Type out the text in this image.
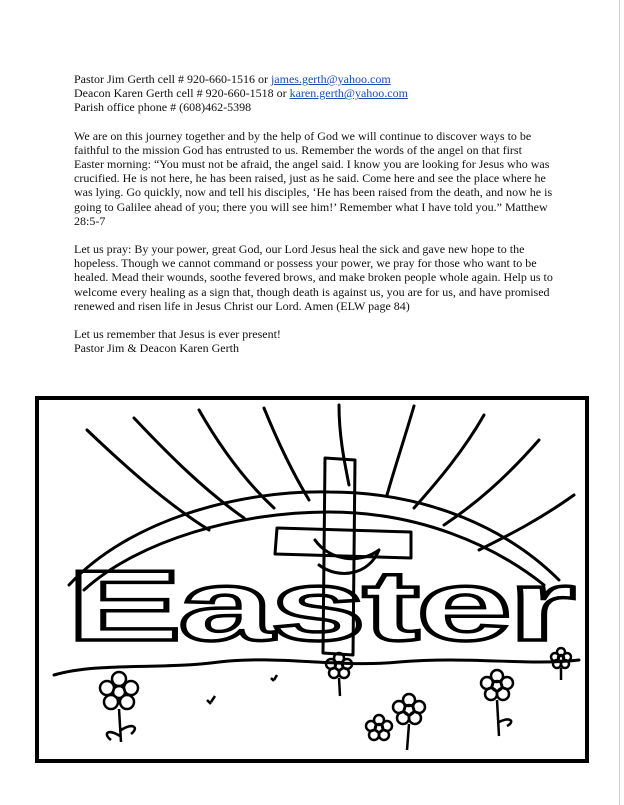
Pastor Jim Gerth cell # 920-660-1516 or james.gerth@yahoo.com

Deacon Karen Gerth cell # 920-660-1518 or karen.gerth@yahoo.com

Parish office phone # (608)462-5398

We are on this journey together and by the help of God we will continue to discover ways to be faithful to the mission God has entrusted to us. Remember the words of the angel on that first Easter morning: “You must not be afraid, the angel said. I know you are looking for Jesus who was crucified. He is not here, he has been raised, just as he said. Come here and see the place where he was lying. Go quickly, now and tell his disciples, ‘He has been raised from the death, and now he is going to Galilee ahead of you; there you will see him!’ Remember what I have told you.” Matthew 28:5-7

Let us pray: By your power, great God, our Lord Jesus heal the sick and gave new hope to the hopeless. Though we cannot command or possess your power, we pray for those who want to be healed. Mead their wounds, soothe fevered brows, and make broken people whole again. Help us to welcome every healing as a sign that, though death is against us, you are for us, and have promised renewed and risen life in Jesus Christ our Lord. Amen (ELW page 84)

Let us remember that Jesus is ever present!

Pastor Jim & Deacon Karen Gerth

Easter
